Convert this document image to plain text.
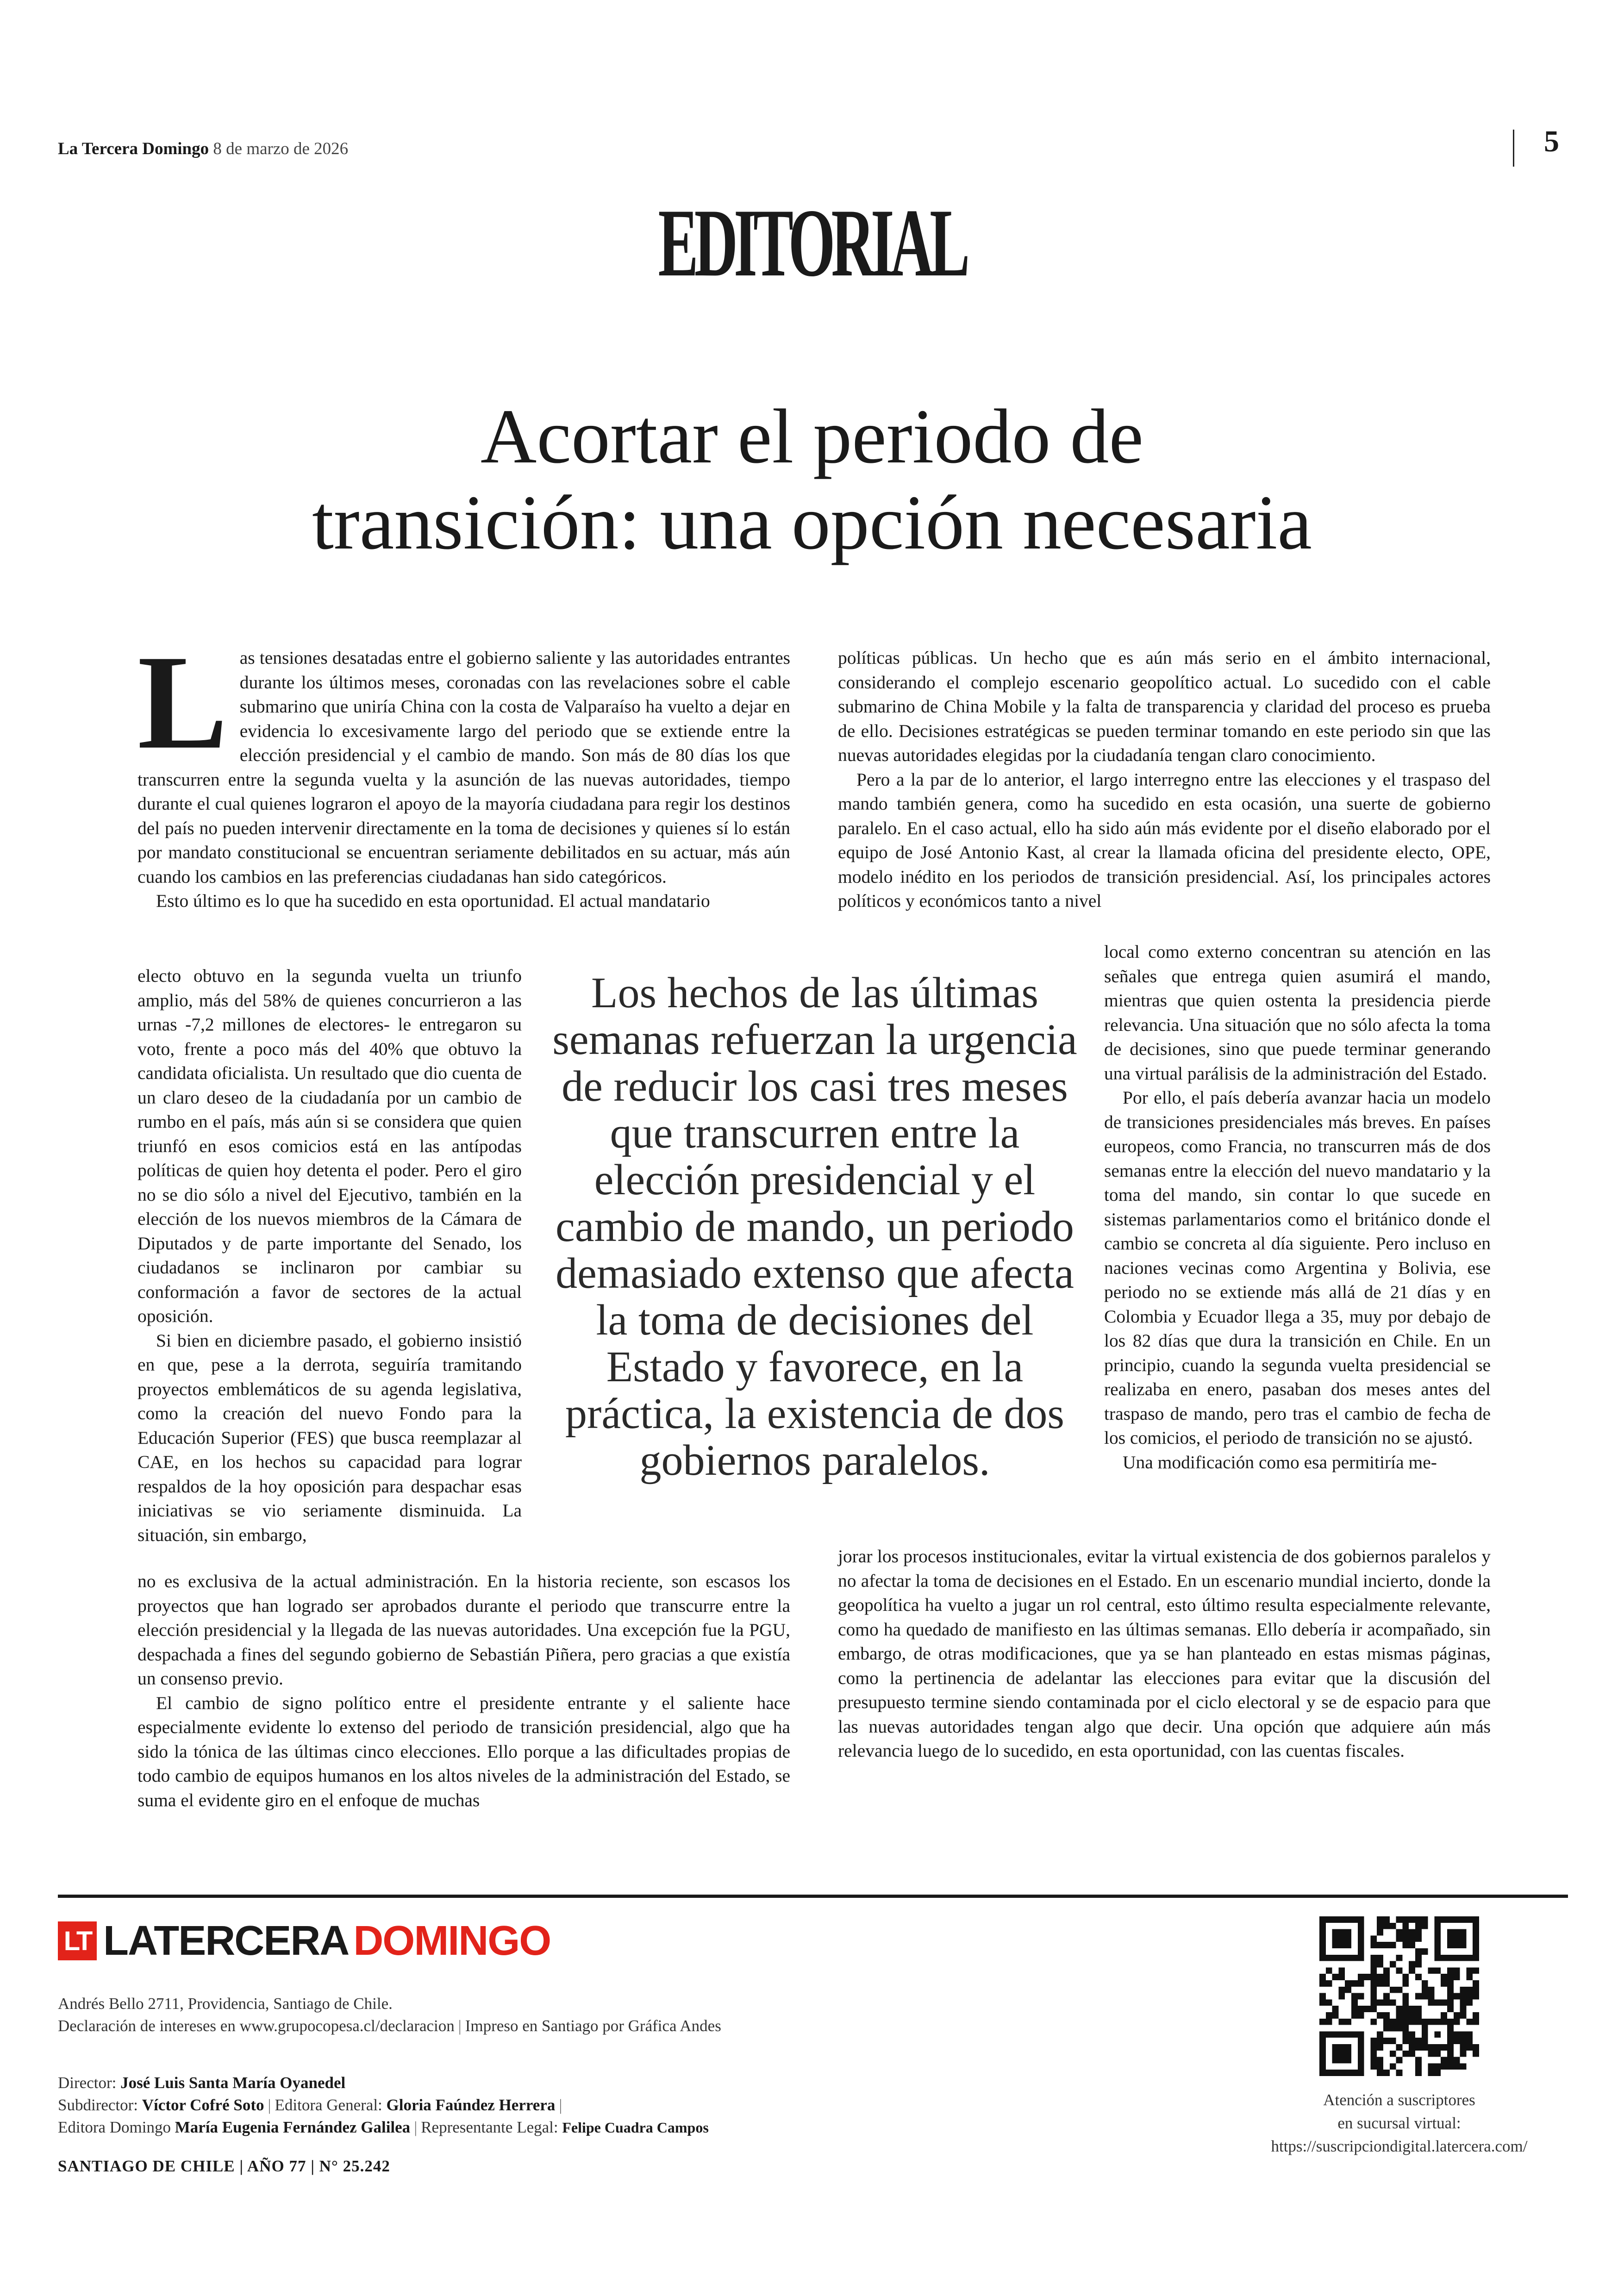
La Tercera Domingo 8 de marzo de 2026	5
EDITORIAL
Acortar el periodo de
transición: una opción necesaria

Las tensiones desatadas entre el gobierno saliente y las autoridades entrantes durante los últimos meses, coronadas con las revelaciones sobre el cable submarino que uniría China con la costa de Valparaíso ha vuelto a dejar en evidencia lo excesivamente largo del periodo que se extiende entre la elección presidencial y el cambio de mando. Son más de 80 días los que transcurren entre la segunda vuelta y la asunción de las nuevas autoridades, tiempo durante el cual quienes lograron el apoyo de la mayoría ciudadana para regir los destinos del país no pueden intervenir directamente en la toma de decisiones y quienes sí lo están por mandato constitucional se encuentran seriamente debilitados en su actuar, más aún cuando los cambios en las preferencias ciudadanas han sido categóricos.

Esto último es lo que ha sucedido en esta oportunidad. El actual mandatario

electo obtuvo en la segunda vuelta un triunfo amplio, más del 58% de quienes concurrieron a las urnas -7,2 millones de electores- le entregaron su voto, frente a poco más del 40% que obtuvo la candidata oficialista. Un resultado que dio cuenta de un claro deseo de la ciudadanía por un cambio de rumbo en el país, más aún si se considera que quien triunfó en esos comicios está en las antípodas políticas de quien hoy detenta el poder. Pero el giro no se dio sólo a nivel del Ejecutivo, también en la elección de los nuevos miembros de la Cámara de Diputados y de parte importante del Senado, los ciudadanos se inclinaron por cambiar su conformación a favor de sectores de la actual oposición.

Si bien en diciembre pasado, el gobierno insistió en que, pese a la derrota, seguiría tramitando proyectos emblemáticos de su agenda legislativa, como la creación del nuevo Fondo para la Educación Superior (FES) que busca reemplazar al CAE, en los hechos su capacidad para lograr respaldos de la hoy oposición para despachar esas iniciativas se vio seriamente disminuida. La situación, sin embargo,

no es exclusiva de la actual administración. En la historia reciente, son escasos los proyectos que han logrado ser aprobados durante el periodo que transcurre entre la elección presidencial y la llegada de las nuevas autoridades. Una excepción fue la PGU, despachada a fines del segundo gobierno de Sebastián Piñera, pero gracias a que existía un consenso previo.

El cambio de signo político entre el presidente entrante y el saliente hace especialmente evidente lo extenso del periodo de transición presidencial, algo que ha sido la tónica de las últimas cinco elecciones. Ello porque a las dificultades propias de todo cambio de equipos humanos en los altos niveles de la administración del Estado, se suma el evidente giro en el enfoque de muchas

políticas públicas. Un hecho que es aún más serio en el ámbito internacional, considerando el complejo escenario geopolítico actual. Lo sucedido con el cable submarino de China Mobile y la falta de transparencia y claridad del proceso es prueba de ello. Decisiones estratégicas se pueden terminar tomando en este periodo sin que las nuevas autoridades elegidas por la ciudadanía tengan claro conocimiento.

Pero a la par de lo anterior, el largo interregno entre las elecciones y el traspaso del mando también genera, como ha sucedido en esta ocasión, una suerte de gobierno paralelo. En el caso actual, ello ha sido aún más evidente por el diseño elaborado por el equipo de José Antonio Kast, al crear la llamada oficina del presidente electo, OPE, modelo inédito en los periodos de transición presidencial. Así, los principales actores políticos y económicos tanto a nivel

local como externo concentran su atención en las señales que entrega quien asumirá el mando, mientras que quien ostenta la presidencia pierde relevancia. Una situación que no sólo afecta la toma de decisiones, sino que puede terminar generando una virtual parálisis de la administración del Estado.

Por ello, el país debería avanzar hacia un modelo de transiciones presidenciales más breves. En países europeos, como Francia, no transcurren más de dos semanas entre la elección del nuevo mandatario y la toma del mando, sin contar lo que sucede en sistemas parlamentarios como el británico donde el cambio se concreta al día siguiente. Pero incluso en naciones vecinas como Argentina y Bolivia, ese periodo no se extiende más allá de 21 días y en Colombia y Ecuador llega a 35, muy por debajo de los 82 días que dura la transición en Chile. En un principio, cuando la segunda vuelta presidencial se realizaba en enero, pasaban dos meses antes del traspaso de mando, pero tras el cambio de fecha de los comicios, el periodo de transición no se ajustó.

Una modificación como esa permitiría me-

jorar los procesos institucionales, evitar la virtual existencia de dos gobiernos paralelos y no afectar la toma de decisiones en el Estado. En un escenario mundial incierto, donde la geopolítica ha vuelto a jugar un rol central, esto último resulta especialmente relevante, como ha quedado de manifiesto en las últimas semanas. Ello debería ir acompañado, sin embargo, de otras modificaciones, que ya se han planteado en estas mismas páginas, como la pertinencia de adelantar las elecciones para evitar que la discusión del presupuesto termine siendo contaminada por el ciclo electoral y se de espacio para que las nuevas autoridades tengan algo que decir. Una opción que adquiere aún más relevancia luego de lo sucedido, en esta oportunidad, con las cuentas fiscales.

Los hechos de las últimas semanas refuerzan la urgencia de reducir los casi tres meses que transcurren entre la elección presidencial y el cambio de mando, un periodo demasiado extenso que afecta la toma de decisiones del Estado y favorece, en la práctica, la existencia de dos gobiernos paralelos.
LT LATERCERA DOMINGO
Andrés Bello 2711, Providencia, Santiago de Chile.
Declaración de intereses en www.grupocopesa.cl/declaracion | Impreso en Santiago por Gráfica Andes
Director: José Luis Santa María Oyanedel
Subdirector: Víctor Cofré Soto | Editora General: Gloria Faúndez Herrera |
Editora Domingo María Eugenia Fernández Galilea | Representante Legal: Felipe Cuadra Campos
SANTIAGO DE CHILE | AÑO 77 | N° 25.242
Atención a suscriptores
en sucursal virtual:
https://suscripciondigital.latercera.com/
